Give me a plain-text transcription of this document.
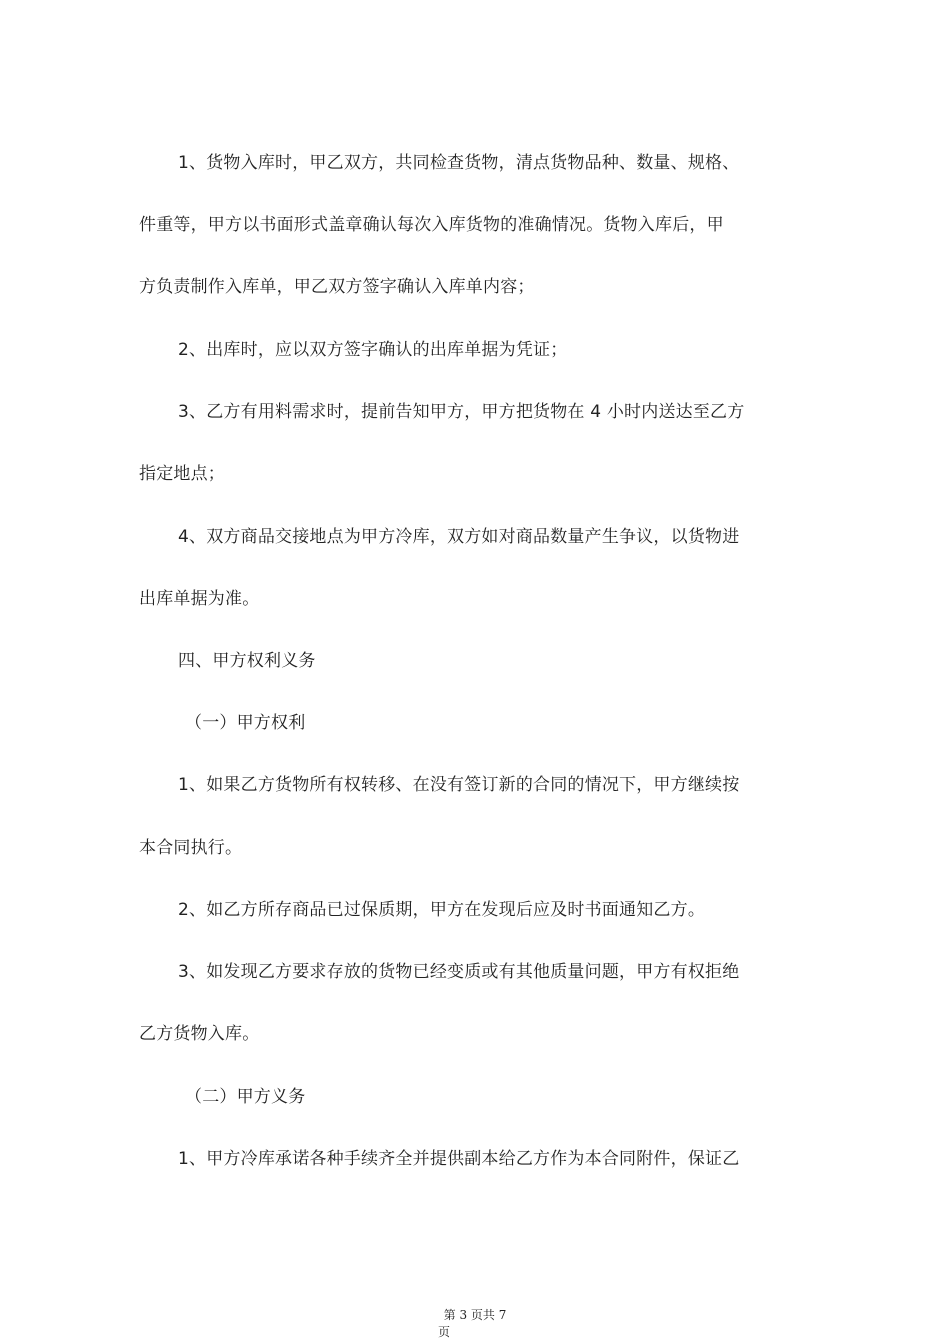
1、货物入库时，甲乙双方，共同检查货物，清点货物品种、数量、规格、
件重等，甲方以书面形式盖章确认每次入库货物的准确情况。货物入库后，甲
方负责制作入库单，甲乙双方签字确认入库单内容；
2、出库时，应以双方签字确认的出库单据为凭证；
3、乙方有用料需求时，提前告知甲方，甲方把货物在 4 小时内送达至乙方
指定地点；
4、双方商品交接地点为甲方冷库，双方如对商品数量产生争议，以货物进
出库单据为准。
四、甲方权利义务
（一）甲方权利
1、如果乙方货物所有权转移、在没有签订新的合同的情况下，甲方继续按
本合同执行。
2、如乙方所存商品已过保质期，甲方在发现后应及时书面通知乙方。
3、如发现乙方要求存放的货物已经变质或有其他质量问题，甲方有权拒绝
乙方货物入库。
（二）甲方义务
1、甲方冷库承诺各种手续齐全并提供副本给乙方作为本合同附件，保证乙
第 3 页共 7
页
